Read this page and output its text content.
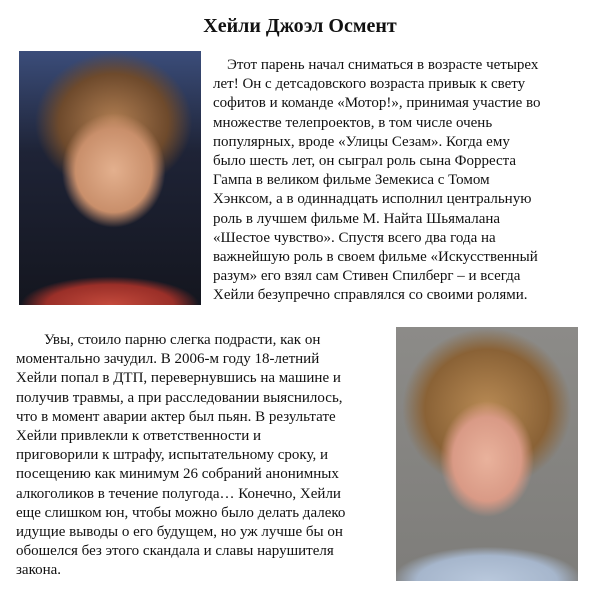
Хейли Джоэл Осмент
Этот парень начал сниматься в возрасте четырех
лет! Он с детсадовского возраста привык к свету
софитов и команде «Мотор!», принимая участие во
множестве телепроектов, в том числе очень
популярных, вроде «Улицы Сезам». Когда ему
было шесть лет, он сыграл роль сына Форреста
Гампа в великом фильме Земекиса с Томом
Хэнксом, а в одиннадцать исполнил центральную
роль в лучшем фильме М. Найта Шьямалана
«Шестое чувство». Спустя всего два года на
важнейшую роль в своем фильме «Искусственный
разум» его взял сам Стивен Спилберг – и всегда
Хейли безупречно справлялся со своими ролями.
Увы, стоило парню слегка подрасти, как он
моментально зачудил. В 2006-м году 18-летний
Хейли попал в ДТП, перевернувшись на машине и
получив травмы, а при расследовании выяснилось,
что в момент аварии актер был пьян. В результате
Хейли привлекли к ответственности и
приговорили к штрафу, испытательному сроку, и
посещению как минимум 26 собраний анонимных
алкоголиков в течение полугода… Конечно, Хейли
еще слишком юн, чтобы можно было делать далеко
идущие выводы о его будущем, но уж лучше бы он
обошелся без этого скандала и славы нарушителя
закона.
